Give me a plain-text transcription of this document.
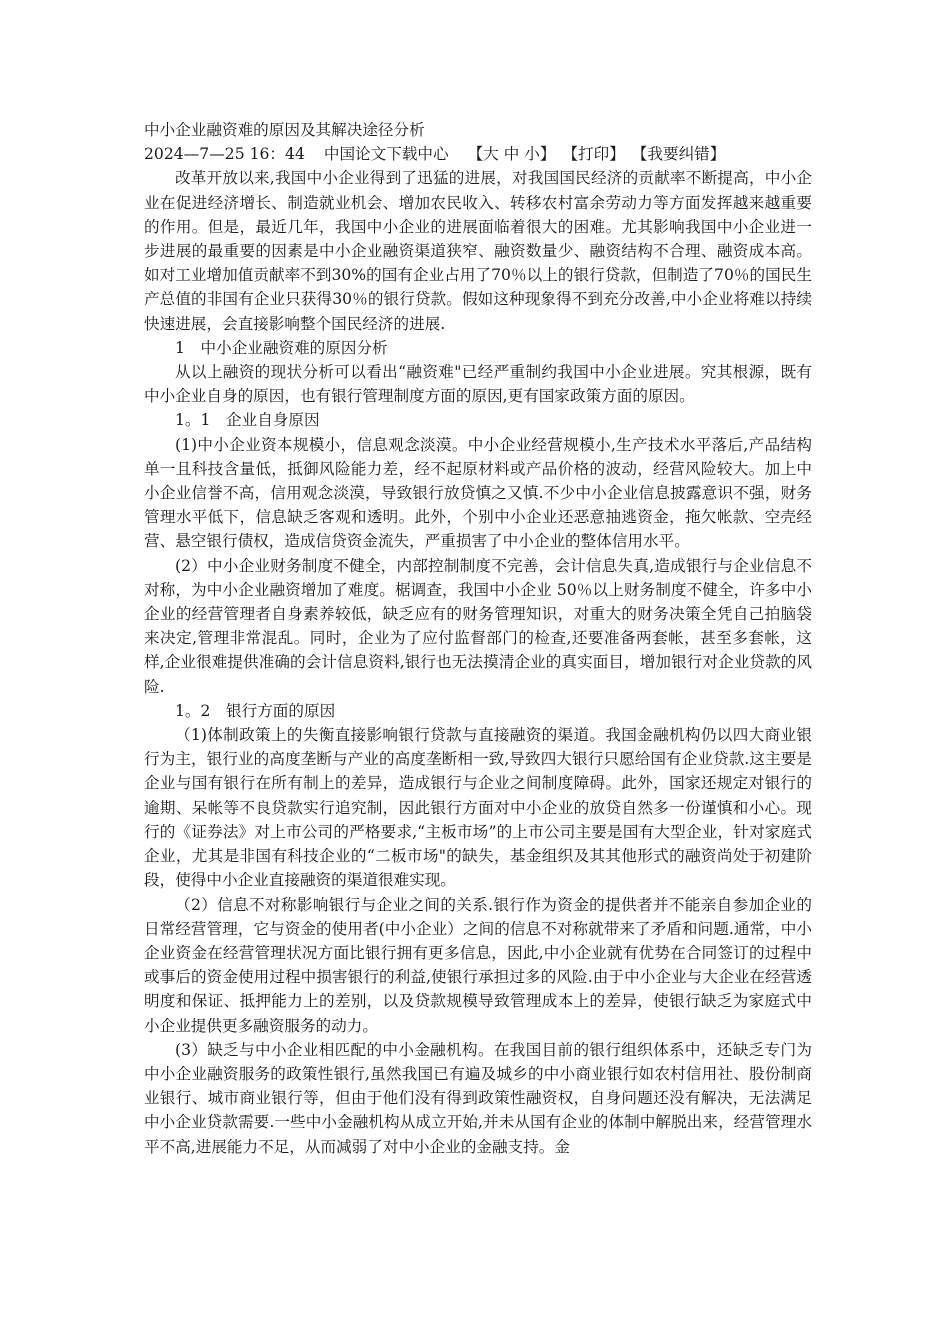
中小企业融资难的原因及其解决途径分析

2024—7—25 16：44 中国论文下载中心 【大 中 小】 【打印】 【我要纠错】

改革开放以来,我国中小企业得到了迅猛的进展，对我国国民经济的贡献率不断提高，中小企业在促进经济增长、制造就业机会、增加农民收入、转移农村富余劳动力等方面发挥越来越重要的作用。但是，最近几年，我国中小企业的进展面临着很大的困难。尤其影响我国中小企业进一步进展的最重要的因素是中小企业融资渠道狭窄、融资数量少、融资结构不合理、融资成本高。如对工业增加值贡献率不到30%的国有企业占用了70％以上的银行贷款，但制造了70％的国民生产总值的非国有企业只获得30％的银行贷款。假如这种现象得不到充分改善,中小企业将难以持续快速进展，会直接影响整个国民经济的进展.

1　中小企业融资难的原因分析

从以上融资的现状分析可以看出“融资难"已经严重制约我国中小企业进展。究其根源，既有中小企业自身的原因，也有银行管理制度方面的原因,更有国家政策方面的原因。

1。1　企业自身原因

(1)中小企业资本规模小，信息观念淡漠。中小企业经营规模小,生产技术水平落后,产品结构单一且科技含量低，抵御风险能力差，经不起原材料或产品价格的波动，经营风险较大。加上中小企业信誉不高，信用观念淡漠，导致银行放贷慎之又慎.不少中小企业信息披露意识不强，财务管理水平低下，信息缺乏客观和透明。此外，个别中小企业还恶意抽逃资金，拖欠帐款、空壳经营、悬空银行债权，造成信贷资金流失，严重损害了中小企业的整体信用水平。

(2）中小企业财务制度不健全，内部控制制度不完善，会计信息失真,造成银行与企业信息不对称，为中小企业融资增加了难度。椐调查，我国中小企业 50％以上财务制度不健全，许多中小企业的经营管理者自身素养较低，缺乏应有的财务管理知识，对重大的财务决策全凭自己拍脑袋来决定,管理非常混乱。同时，企业为了应付监督部门的检查,还要准备两套帐，甚至多套帐，这样,企业很难提供准确的会计信息资料,银行也无法摸清企业的真实面目，增加银行对企业贷款的风险.

1。2　银行方面的原因

（1)体制政策上的失衡直接影响银行贷款与直接融资的渠道。我国金融机构仍以四大商业银行为主，银行业的高度垄断与产业的高度垄断相一致,导致四大银行只愿给国有企业贷款.这主要是企业与国有银行在所有制上的差异，造成银行与企业之间制度障碍。此外，国家还规定对银行的逾期、呆帐等不良贷款实行追究制，因此银行方面对中小企业的放贷自然多一份谨慎和小心。现行的《证券法》对上市公司的严格要求,“主板市场”的上市公司主要是国有大型企业，针对家庭式企业，尤其是非国有科技企业的“二板市场"的缺失，基金组织及其其他形式的融资尚处于初建阶段，使得中小企业直接融资的渠道很难实现。

（2）信息不对称影响银行与企业之间的关系.银行作为资金的提供者并不能亲自参加企业的日常经营管理，它与资金的使用者(中小企业）之间的信息不对称就带来了矛盾和问题.通常，中小企业资金在经营管理状况方面比银行拥有更多信息，因此,中小企业就有优势在合同签订的过程中或事后的资金使用过程中损害银行的利益,使银行承担过多的风险.由于中小企业与大企业在经营透明度和保证、抵押能力上的差别，以及贷款规模导致管理成本上的差异，使银行缺乏为家庭式中小企业提供更多融资服务的动力。

(3）缺乏与中小企业相匹配的中小金融机构。在我国目前的银行组织体系中，还缺乏专门为中小企业融资服务的政策性银行,虽然我国已有遍及城乡的中小商业银行如农村信用社、股份制商业银行、城市商业银行等，但由于他们没有得到政策性融资权，自身问题还没有解决，无法满足中小企业贷款需要.一些中小金融机构从成立开始,并未从国有企业的体制中解脱出来，经营管理水平不高,进展能力不足，从而减弱了对中小企业的金融支持。金
